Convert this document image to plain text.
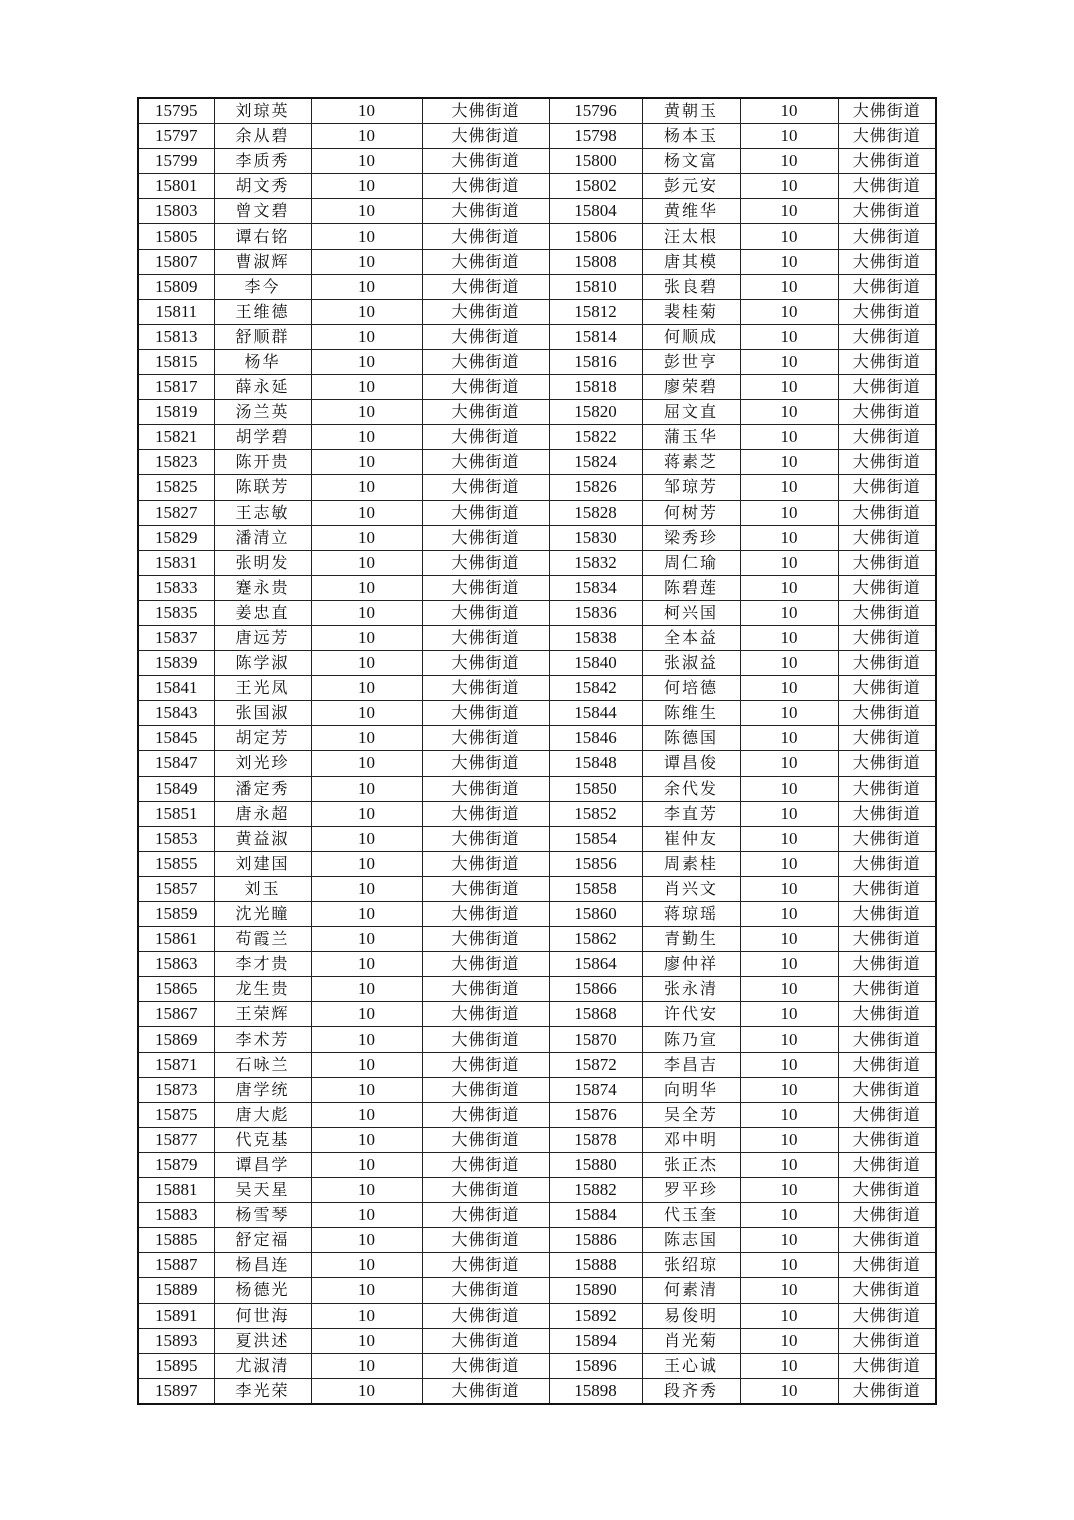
15795	刘琼英	10	大佛街道	15796	黄朝玉	10	大佛街道
15797	余从碧	10	大佛街道	15798	杨本玉	10	大佛街道
15799	李质秀	10	大佛街道	15800	杨文富	10	大佛街道
15801	胡文秀	10	大佛街道	15802	彭元安	10	大佛街道
15803	曾文碧	10	大佛街道	15804	黄维华	10	大佛街道
15805	谭右铭	10	大佛街道	15806	汪太根	10	大佛街道
15807	曹淑辉	10	大佛街道	15808	唐其模	10	大佛街道
15809	李今	10	大佛街道	15810	张良碧	10	大佛街道
15811	王维德	10	大佛街道	15812	裴桂菊	10	大佛街道
15813	舒顺群	10	大佛街道	15814	何顺成	10	大佛街道
15815	杨华	10	大佛街道	15816	彭世亨	10	大佛街道
15817	薛永延	10	大佛街道	15818	廖荣碧	10	大佛街道
15819	汤兰英	10	大佛街道	15820	屈文直	10	大佛街道
15821	胡学碧	10	大佛街道	15822	蒲玉华	10	大佛街道
15823	陈开贵	10	大佛街道	15824	蒋素芝	10	大佛街道
15825	陈联芳	10	大佛街道	15826	邹琼芳	10	大佛街道
15827	王志敏	10	大佛街道	15828	何树芳	10	大佛街道
15829	潘清立	10	大佛街道	15830	梁秀珍	10	大佛街道
15831	张明发	10	大佛街道	15832	周仁瑜	10	大佛街道
15833	蹇永贵	10	大佛街道	15834	陈碧莲	10	大佛街道
15835	姜忠直	10	大佛街道	15836	柯兴国	10	大佛街道
15837	唐远芳	10	大佛街道	15838	全本益	10	大佛街道
15839	陈学淑	10	大佛街道	15840	张淑益	10	大佛街道
15841	王光凤	10	大佛街道	15842	何培德	10	大佛街道
15843	张国淑	10	大佛街道	15844	陈维生	10	大佛街道
15845	胡定芳	10	大佛街道	15846	陈德国	10	大佛街道
15847	刘光珍	10	大佛街道	15848	谭昌俊	10	大佛街道
15849	潘定秀	10	大佛街道	15850	余代发	10	大佛街道
15851	唐永超	10	大佛街道	15852	李直芳	10	大佛街道
15853	黄益淑	10	大佛街道	15854	崔仲友	10	大佛街道
15855	刘建国	10	大佛街道	15856	周素桂	10	大佛街道
15857	刘玉	10	大佛街道	15858	肖兴文	10	大佛街道
15859	沈光瞳	10	大佛街道	15860	蒋琼瑶	10	大佛街道
15861	苟霞兰	10	大佛街道	15862	青勤生	10	大佛街道
15863	李才贵	10	大佛街道	15864	廖仲祥	10	大佛街道
15865	龙生贵	10	大佛街道	15866	张永清	10	大佛街道
15867	王荣辉	10	大佛街道	15868	许代安	10	大佛街道
15869	李术芳	10	大佛街道	15870	陈乃宣	10	大佛街道
15871	石咏兰	10	大佛街道	15872	李昌吉	10	大佛街道
15873	唐学统	10	大佛街道	15874	向明华	10	大佛街道
15875	唐大彪	10	大佛街道	15876	吴全芳	10	大佛街道
15877	代克基	10	大佛街道	15878	邓中明	10	大佛街道
15879	谭昌学	10	大佛街道	15880	张正杰	10	大佛街道
15881	吴天星	10	大佛街道	15882	罗平珍	10	大佛街道
15883	杨雪琴	10	大佛街道	15884	代玉奎	10	大佛街道
15885	舒定福	10	大佛街道	15886	陈志国	10	大佛街道
15887	杨昌连	10	大佛街道	15888	张绍琼	10	大佛街道
15889	杨德光	10	大佛街道	15890	何素清	10	大佛街道
15891	何世海	10	大佛街道	15892	易俊明	10	大佛街道
15893	夏洪述	10	大佛街道	15894	肖光菊	10	大佛街道
15895	尤淑清	10	大佛街道	15896	王心诚	10	大佛街道
15897	李光荣	10	大佛街道	15898	段齐秀	10	大佛街道
